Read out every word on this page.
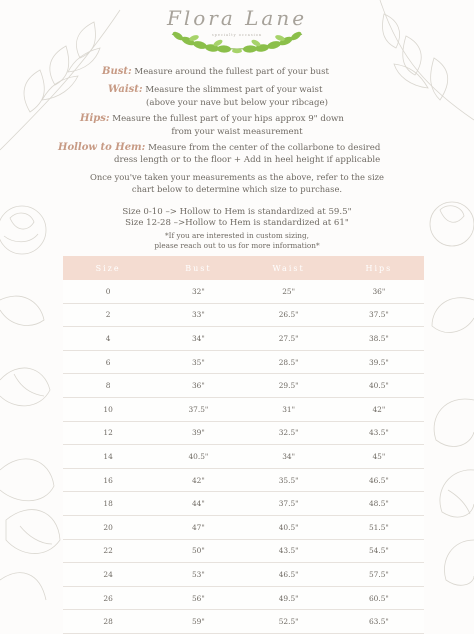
Flora Lane
specialty occasion
Bust: Measure around the fullest part of your bust
Waist: Measure the slimmest part of your waist
(above your nave but below your ribcage)
Hips: Measure the fullest part of your hips approx 9" down
from your waist measurement
Hollow to Hem: Measure from the center of the collarbone to desired
dress length or to the floor + Add in heel height if applicable
Once you've taken your measurements as the above, refer to the size
chart below to determine which size to purchase.
Size 0-10 –> Hollow to Hem is standardized at 59.5"
Size 12-28 –>Hollow to Hem is standardized at 61"
*If you are interested in custom sizing,
please reach out to us for more information*
Size	Bust	Waist	Hips
0	32"	25"	36"
2	33"	26.5"	37.5"
4	34"	27.5"	38.5"
6	35"	28.5"	39.5"
8	36"	29.5"	40.5"
10	37.5"	31"	42"
12	39"	32.5"	43.5"
14	40.5"	34"	45"
16	42"	35.5"	46.5"
18	44"	37.5"	48.5"
20	47"	40.5"	51.5"
22	50"	43.5"	54.5"
24	53"	46.5"	57.5"
26	56"	49.5"	60.5"
28	59"	52.5"	63.5"
